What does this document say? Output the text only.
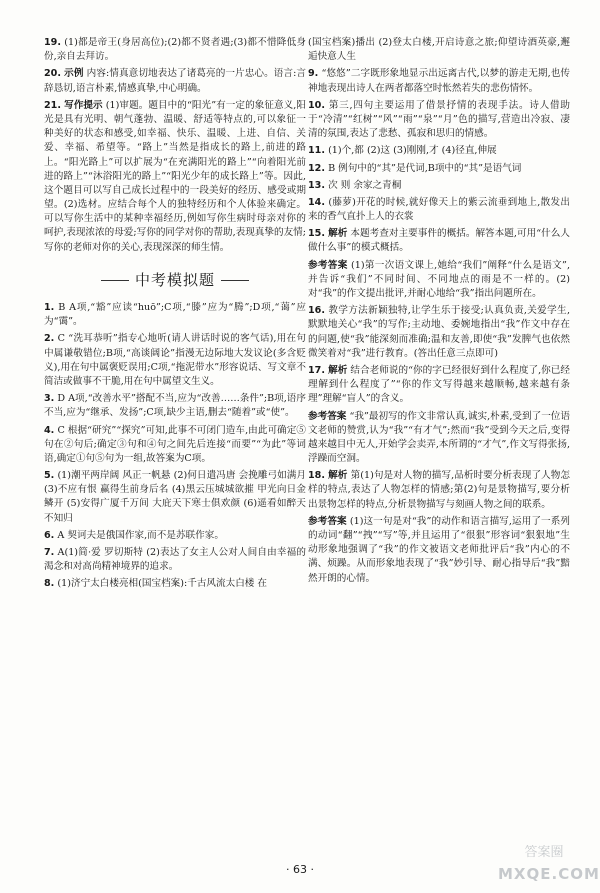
19. (1)都是帝王(身居高位);(2)都不贤者遇;(3)都不惜降低身份,亲自去拜访。
20. 示例 内容:情真意切地表达了诸葛亮的一片忠心。语言:言辞恳切,语言朴素,情感真挚,中心明确。
21. 写作提示 (1)审题。题目中的“阳光”有一定的象征意义,阳光是具有光明、朝气蓬勃、温暖、舒适等特点的,可以象征一种美好的状态和感受,如幸福、快乐、温暖、上进、自信、关爱、幸福、希望等。“路上”当然是指成长的路上,前进的路上。“阳光路上”可以扩展为“在充满阳光的路上”“向着阳光前进的路上”“沐浴阳光的路上”“阳光少年的成长路上”等。因此,这个题目可以写自己成长过程中的一段美好的经历、感受或期望。(2)选材。应结合每个人的独特经历和个人体验来确定。可以写你生活中的某种幸福经历,例如写你生病时母亲对你的呵护,表现浓浓的母爱;写你的同学对你的帮助,表现真挚的友情;写你的老师对你的关心,表现深深的师生情。
中考模拟题
1. B A项,“豁”应读“huō”;C项,“滕”应为“腾”;D项,“蔼”应为“霭”。
2. C “洗耳恭听”指专心地听(请人讲话时说的客气话),用在句中属谦敬错位;B项,“高谈阔论”指漫无边际地大发议论(多含贬义),用在句中属褒贬误用;C项,“拖泥带水”形容说话、写文章不简洁或做事不干脆,用在句中属望文生义。
3. D A项,“改善水平”搭配不当,应为“改善……条件”;B项,语序不当,应为“继承、发扬”;C项,缺少主语,删去“随着”或“使”。
4. C 根据“研究”“探究”可知,此事不可闭门造车,由此可确定⑤句在②句后;确定③句和④句之间先后连接“而要”“为此”等词语,确定①句⑤句为一组,故答案为C项。
5. (1)潮平两岸阔 风正一帆悬 (2)何日遣冯唐 会挽雕弓如满月 (3)不应有恨 赢得生前身后名 (4)黑云压城城欲摧 甲光向日金鳞开 (5)安得广厦千万间 大庇天下寒士俱欢颜 (6)遥看如醉天 不知归
6. A 契诃夫是俄国作家,而不是苏联作家。
7. A(1)简·爱 罗切斯特 (2)表达了女主人公对人间自由幸福的渴念和对高尚精神境界的追求。
8. (1)济宁太白楼亮相(国宝档案):千古风流太白楼 在
(国宝档案)播出 (2)登太白楼,开启诗意之旅;仰望诗酒英豪,邂逅快意人生
9. “悠悠”二字既形象地显示出远离古代,以梦的游走无期,也传神地表现出诗人在两者都落空时怅然若失的悲伤情怀。
10. 第三,四句主要运用了借景抒情的表现手法。诗人借助于“冷清”“红树”“风”“雨”“泉”“月”色的描写,营造出冷寂、凄清的氛围,表达了悲愁、孤寂和思归的情感。
11. (1)个,都 (2)这 (3)刚刚,才 (4)径直,伸展
12. B 例句中的“其”是代词,B项中的“其”是语气词
13. 次 则 余家之青桐
14. (藤萝)开花的时候,就好像天上的紫云流垂到地上,散发出来的香气直扑上人的衣裳
15. 解析 本题考查对主要事件的概括。解答本题,可用“什么人做什么事”的模式概括。
参考答案 (1)第一次语文课上,她给“我们”阐释“什么是语文”,并告诉“我们”不同时间、不同地点的雨是不一样的。(2)对“我”的作文提出批评,并耐心地给“我”指出问题所在。
16. 教学方法新颖独特,让学生乐于接受;认真负责,关爱学生,默默地关心“我”的写作;主动地、委婉地指出“我”作文中存在的问题,使“我”能深刻而准确;温和友善,即使“我”发脾气也依然微笑着对“我”进行教育。(答出任意三点即可)
17. 解析 结合老师说的“你的字已经很好到什么程度了,你已经理解到什么程度了”“你的作文写得越来越顺畅,越来越有条理”理解“盲人”的含义。
参考答案 “我”最初写的作文非常认真,诚实,朴素,受到了一位语文老师的赞赏,认为“我”“有才气”;然而“我”受到今天之后,变得越来越目中无人,开始学会卖弄,本所谓的“才气”,作文写得张扬,浮躁而空洞。
18. 解析 第(1)句是对人物的描写,品析时要分析表现了人物怎样的特点,表达了人物怎样的情感;第(2)句是景物描写,要分析出景物怎样的特点,分析景物描写与刻画人物之间的联系。
参考答案 (1)这一句是对“我”的动作和语言描写,运用了一系列的动词“翻”“拽”“写”等,并且运用了“很狠”形容词“狠狠地”生动形象地强调了“我”的作文被语文老师批评后“我”内心的不满、烦躁。从而形象地表现了“我”妙引导、耐心指导后“我”黯然开朗的心情。
· 63 ·
答案圈
MXQE.COM
